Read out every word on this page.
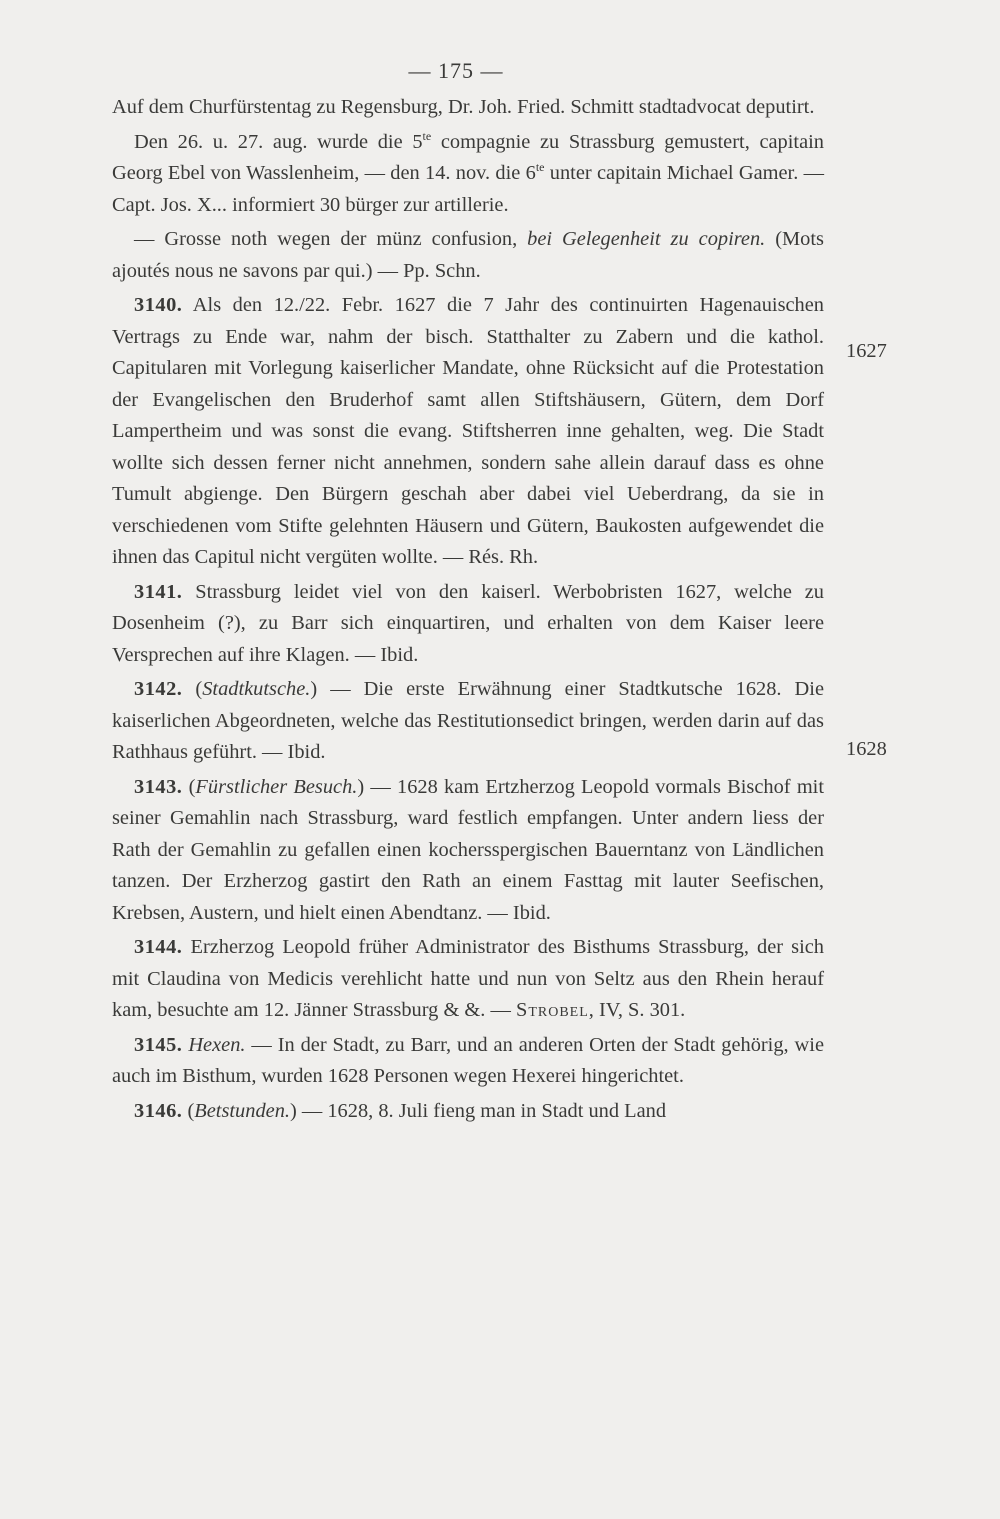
— 175 —
1627
1628

Auf dem Churfürstentag zu Regensburg, Dr. Joh. Fried. Schmitt stadtadvocat deputirt.

Den 26. u. 27. aug. wurde die $5^{te}$ compagnie zu Strassburg gemustert, capitain Georg Ebel von Wasslenheim, — den 14. nov. die $6^{te}$ unter capitain Michael Gamer. — Capt. Jos. X... informiert 30 bürger zur artillerie.

— Grosse noth wegen der münz confusion, bei Gelegenheit zu copiren. (Mots ajoutés nous ne savons par qui.) — Pp. Schn.

3140. Als den 12./22. Febr. 1627 die 7 Jahr des continuirten Hagenauischen Vertrags zu Ende war, nahm der bisch. Statthalter zu Zabern und die kathol. Capitularen mit Vorlegung kaiserlicher Mandate, ohne Rücksicht auf die Protestation der Evangelischen den Bruderhof samt allen Stiftshäusern, Gütern, dem Dorf Lampertheim und was sonst die evang. Stiftsherren inne gehalten, weg. Die Stadt wollte sich dessen ferner nicht annehmen, sondern sahe allein darauf dass es ohne Tumult abgienge. Den Bürgern geschah aber dabei viel Ueberdrang, da sie in verschiedenen vom Stifte gelehnten Häusern und Gütern, Baukosten aufgewendet die ihnen das Capitul nicht vergüten wollte. — Rés. Rh.

3141. Strassburg leidet viel von den kaiserl. Werbobristen 1627, welche zu Dosenheim (?), zu Barr sich einquartiren, und erhalten von dem Kaiser leere Versprechen auf ihre Klagen. — Ibid.

3142. (Stadtkutsche.) — Die erste Erwähnung einer Stadtkutsche 1628. Die kaiserlichen Abgeordneten, welche das Restitutionsedict bringen, werden darin auf das Rathhaus geführt. — Ibid.

3143. (Fürstlicher Besuch.) — 1628 kam Ertzherzog Leopold vormals Bischof mit seiner Gemahlin nach Strassburg, ward festlich empfangen. Unter andern liess der Rath der Gemahlin zu gefallen einen kochersspergischen Bauerntanz von Ländlichen tanzen. Der Erzherzog gastirt den Rath an einem Fasttag mit lauter Seefischen, Krebsen, Austern, und hielt einen Abendtanz. — Ibid.

3144. Erzherzog Leopold früher Administrator des Bisthums Strassburg, der sich mit Claudina von Medicis verehlicht hatte und nun von Seltz aus den Rhein herauf kam, besuchte am 12. Jänner Strassburg & &. — Strobel, IV, S. 301.

3145. Hexen. — In der Stadt, zu Barr, und an anderen Orten der Stadt gehörig, wie auch im Bisthum, wurden 1628 Personen wegen Hexerei hingerichtet.

3146. (Betstunden.) — 1628, 8. Juli fieng man in Stadt und Land
